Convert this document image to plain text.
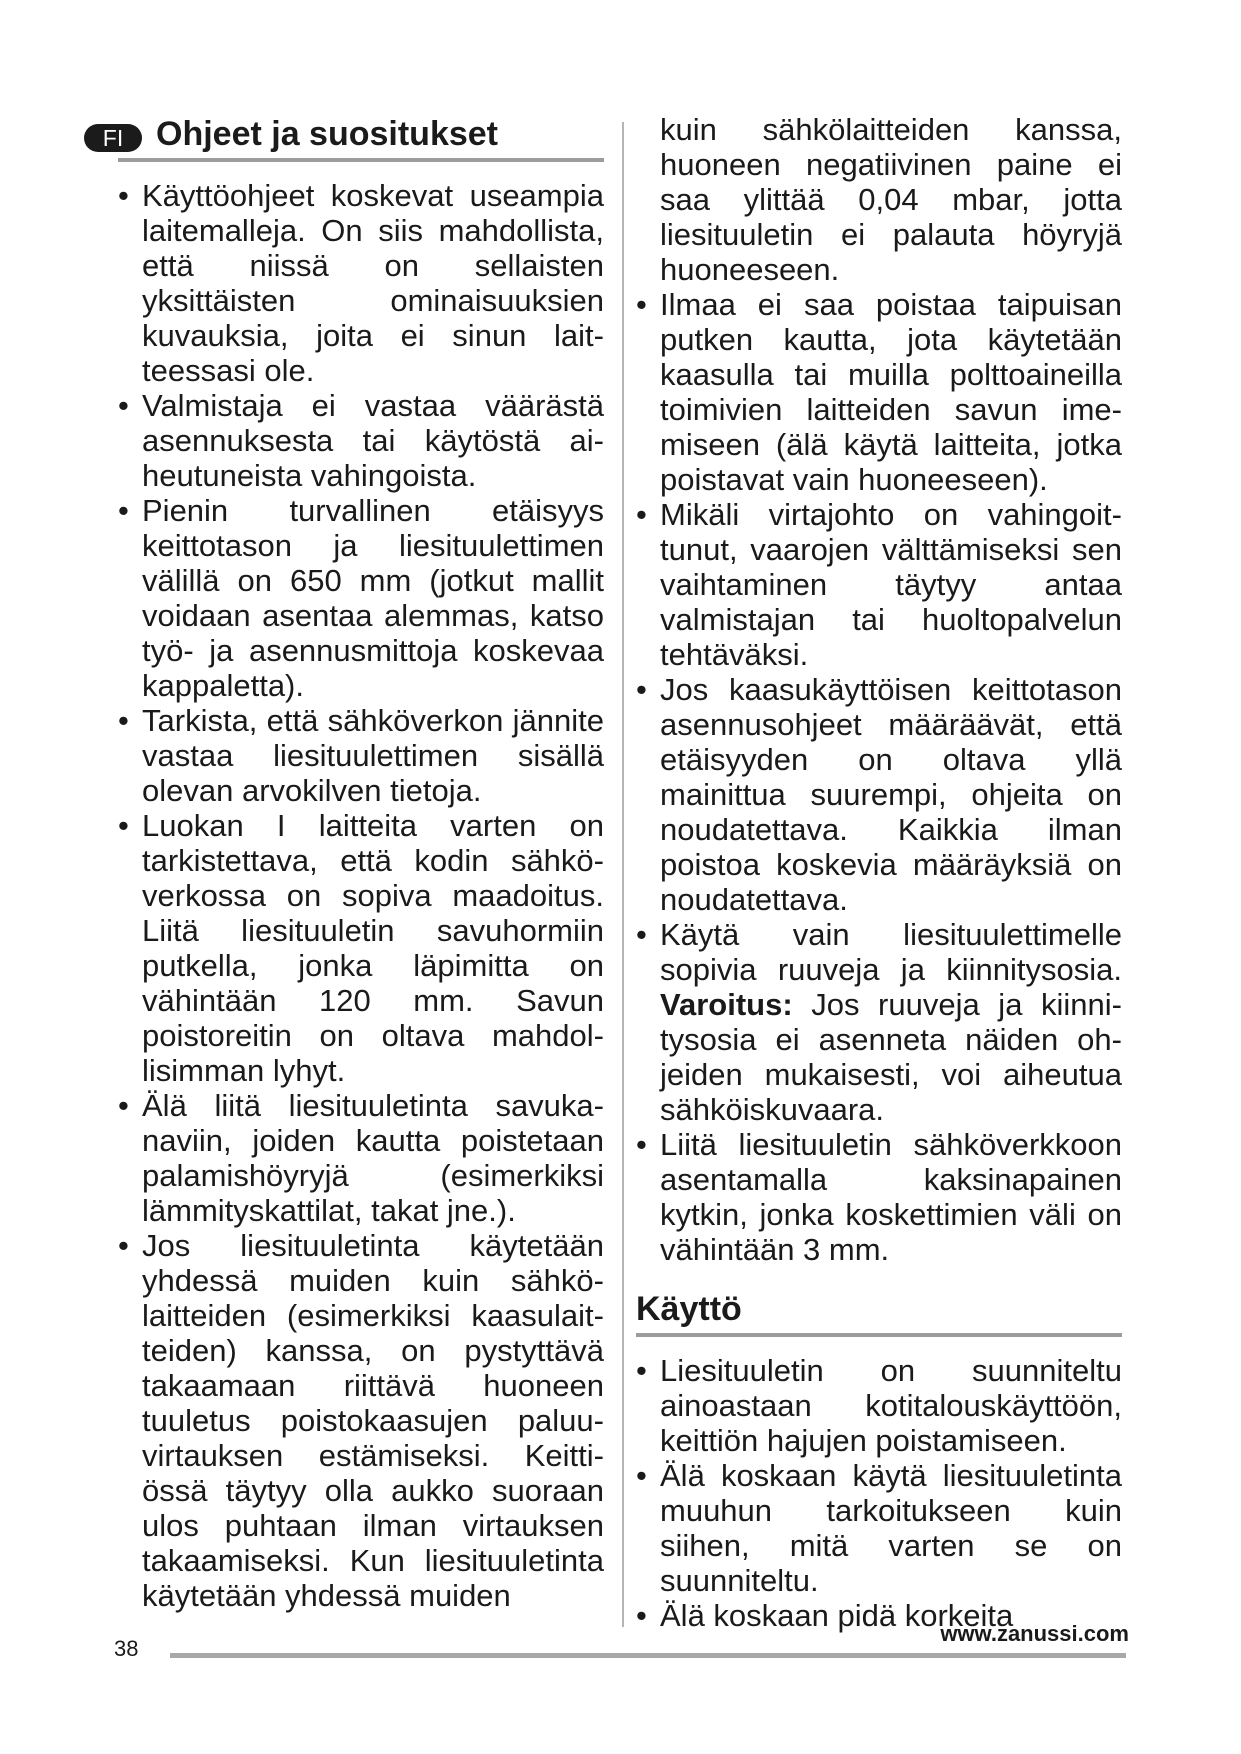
FI Ohjeet ja suositukset
• Käyttöohjeet koskevat useampia laitemalleja. On siis mahdollista, että niissä on sellaisten yksittäisten ominaisuuksien kuvauksia, joita ei sinun laitteessasi ole.
• Valmistaja ei vastaa väärästä asennuksesta tai käytöstä aiheutuneista vahingoista.
• Pienin turvallinen etäisyys keittotason ja liesituulettimen välillä on 650 mm (jotkut mallit voidaan asentaa alemmas, katso työ- ja asennusmittoja koskevaa kappaletta).
• Tarkista, että sähköverkon jännite vastaa liesituulettimen sisällä olevan arvokilven tietoja.
• Luokan I laitteita varten on tarkistettava, että kodin sähköverkossa on sopiva maadoitus. Liitä liesituuletin savuhormiin putkella, jonka läpimitta on vähintään 120 mm. Savun poistoreitin on oltava mahdollisimman lyhyt.
• Älä liitä liesituuletinta savukanaviin, joiden kautta poistetaan palamishöyryjä (esimerkiksi lämmityskattilat, takat jne.).
• Jos liesituuletinta käytetään yhdessä muiden kuin sähkölaitteiden (esimerkiksi kaasulaitteiden) kanssa, on pystyttävä takaamaan riittävä huoneen tuuletus poistokaasujen paluuvirtauksen estämiseksi. Keittiössä täytyy olla aukko suoraan ulos puhtaan ilman virtauksen takaamiseksi. Kun liesituuletinta käytetään yhdessä muiden
kuin sähkölaitteiden kanssa, huoneen negatiivinen paine ei saa ylittää 0,04 mbar, jotta liesituuletin ei palauta höyryjä huoneeseen.
• Ilmaa ei saa poistaa taipuisan putken kautta, jota käytetään kaasulla tai muilla polttoaineilla toimivien laitteiden savun imemiseen (älä käytä laitteita, jotka poistavat vain huoneeseen).
• Mikäli virtajohto on vahingoittunut, vaarojen välttämiseksi sen vaihtaminen täytyy antaa valmistajan tai huoltopalvelun tehtäväksi.
• Jos kaasukäyttöisen keittotason asennusohjeet määräävät, että etäisyyden on oltava yllä mainittua suurempi, ohjeita on noudatettava. Kaikkia ilman poistoa koskevia määräyksiä on noudatettava.
• Käytä vain liesituulettimelle sopivia ruuveja ja kiinnitysosia. Varoitus: Jos ruuveja ja kiinnitysosia ei asenneta näiden ohjeiden mukaisesti, voi aiheutua sähköiskuvaara.
• Liitä liesituuletin sähköverkkoon asentamalla kaksinapainen kytkin, jonka koskettimien väli on vähintään 3 mm.
Käyttö
• Liesituuletin on suunniteltu ainoastaan kotitalouskäyttöön, keittiön hajujen poistamiseen.
• Älä koskaan käytä liesituuletinta muuhun tarkoitukseen kuin siihen, mitä varten se on suunniteltu.
• Älä koskaan pidä korkeita
www.zanussi.com
38
